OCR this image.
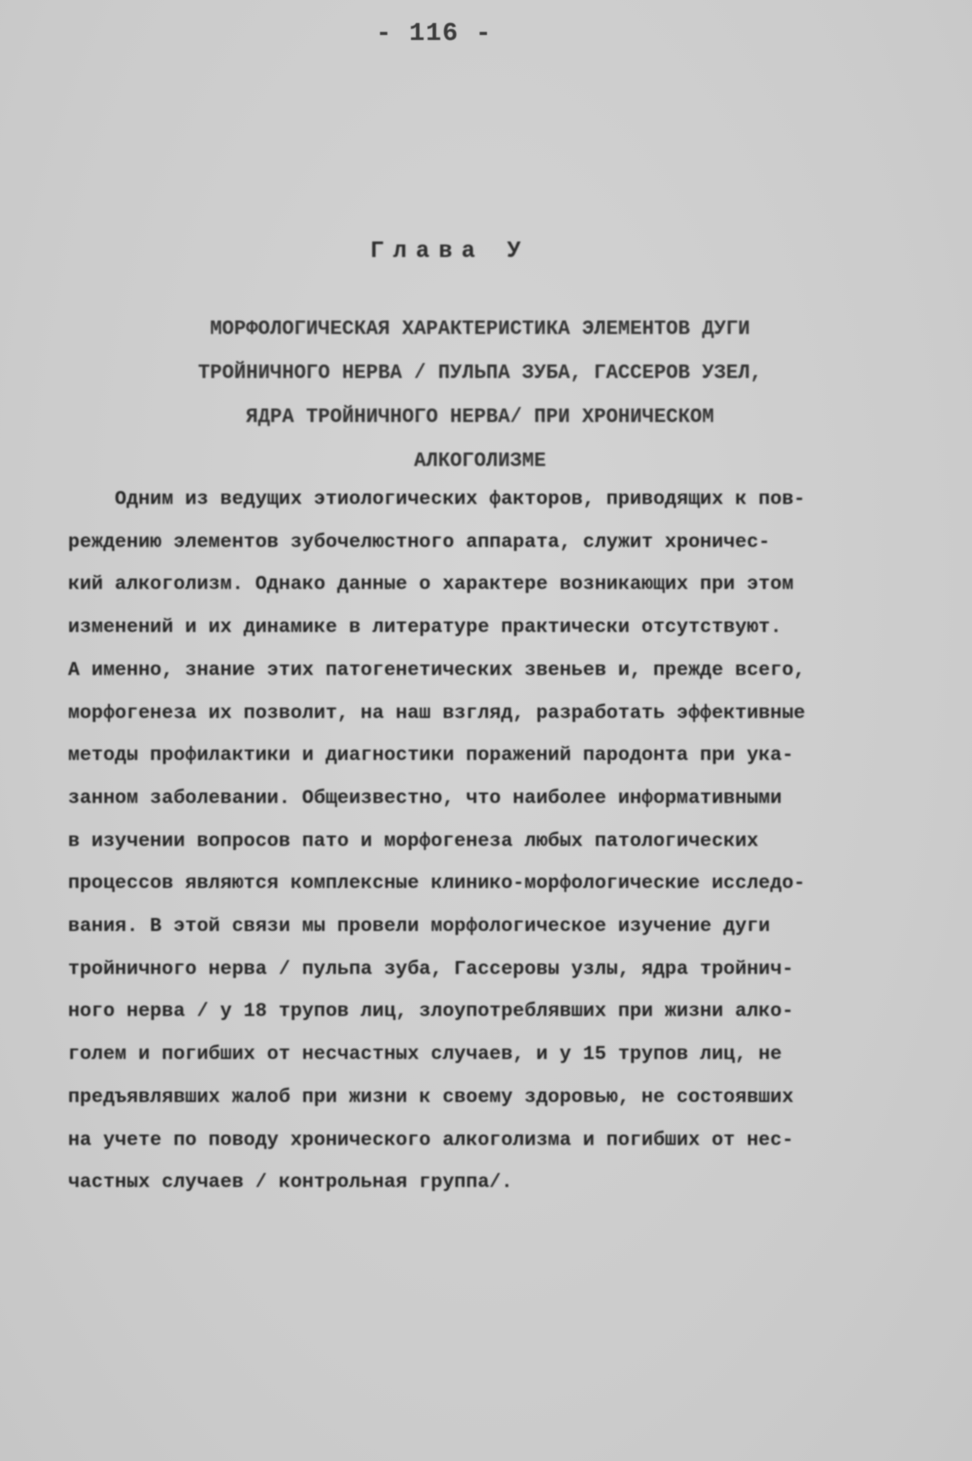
- 116 -
Глава У
МОРФОЛОГИЧЕСКАЯ ХАРАКТЕРИСТИКА ЭЛЕМЕНТОВ ДУГИ
ТРОЙНИЧНОГО НЕРВА / ПУЛЬПА ЗУБА, ГАССЕРОВ УЗЕЛ,
ЯДРА ТРОЙНИЧНОГО НЕРВА/ ПРИ ХРОНИЧЕСКОМ
АЛКОГОЛИЗМЕ
Одним из ведущих этиологических факторов, приводящих к пов-
реждению элементов зубочелюстного аппарата, служит хроничес-
кий алкоголизм. Однако данные о характере возникающих при этом
изменений и их динамике в литературе практически отсутствуют.
А именно, знание этих патогенетических звеньев и, прежде всего,
морфогенеза их позволит, на наш взгляд, разработать эффективные
методы профилактики и диагностики поражений пародонта при ука-
занном заболевании. Общеизвестно, что наиболее информативными
в изучении вопросов пато и морфогенеза любых патологических
процессов являются комплексные клинико-морфологические исследо-
вания. В этой связи мы провели морфологическое изучение дуги
тройничного нерва / пульпа зуба, Гассеровы узлы, ядра тройнич-
ного нерва / у 18 трупов лиц, злоупотреблявших при жизни алко-
голем и погибших от несчастных случаев, и у 15 трупов лиц, не
предъявлявших жалоб при жизни к своему здоровью, не состоявших
на учете по поводу хронического алкоголизма и погибших от нес-
частных случаев / контрольная группа/.
